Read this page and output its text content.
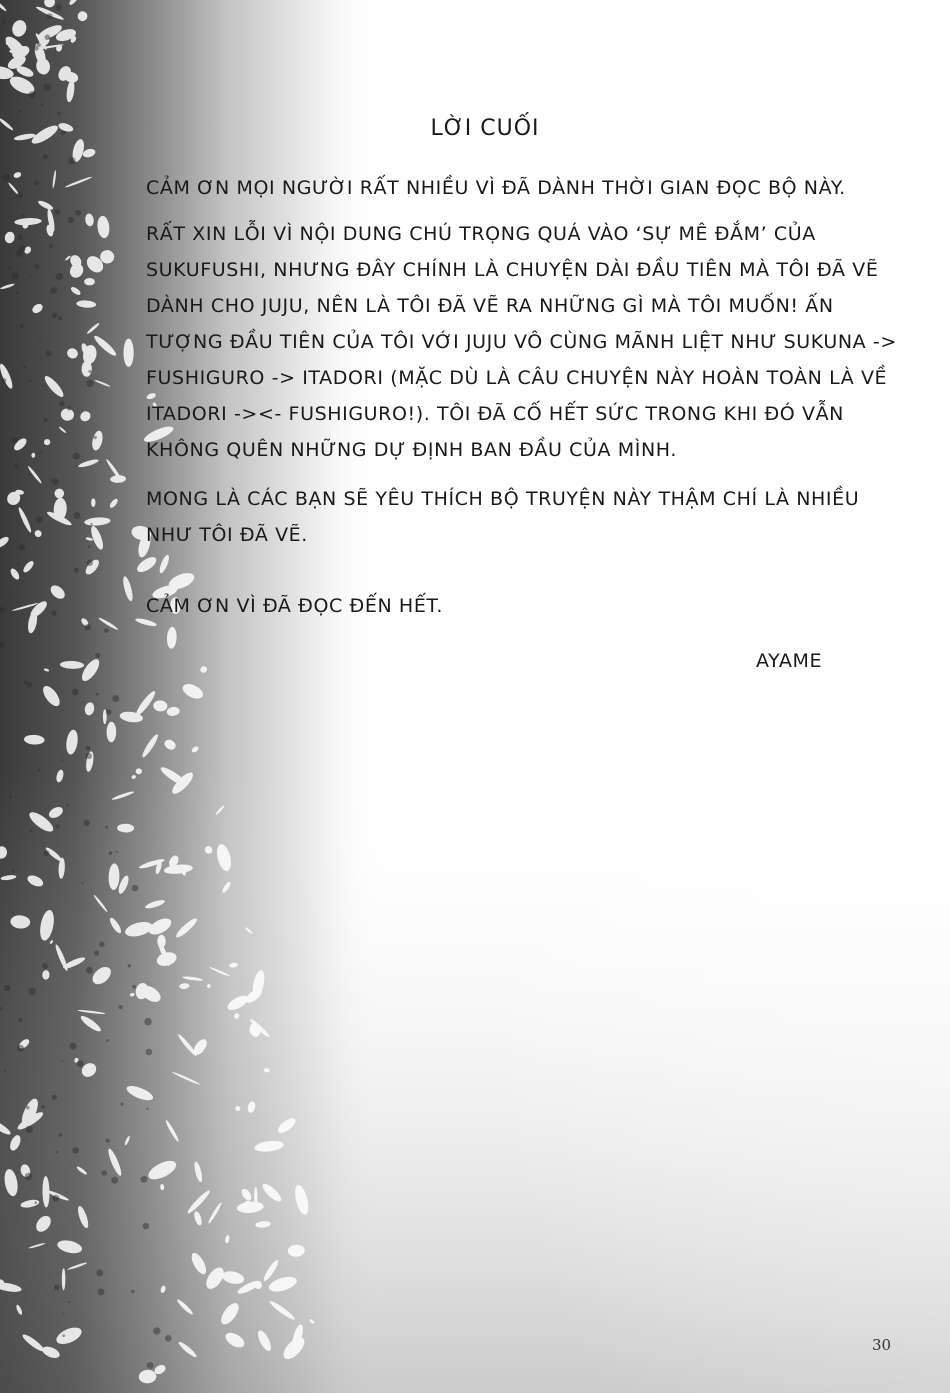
LỜI CUỐI
CẢM ƠN MỌI NGƯỜI RẤT NHIỀU VÌ ĐÃ DÀNH THỜI GIAN ĐỌC BỘ NÀY.
RẤT XIN LỖI VÌ NỘI DUNG CHÚ TRỌNG QUÁ VÀO ‘SỰ MÊ ĐẮM’ CỦA SUKUFUSHI, NHƯNG ĐÂY CHÍNH LÀ CHUYỆN DÀI ĐẦU TIÊN MÀ TÔI ĐÃ VẼ DÀNH CHO JUJU, NÊN LÀ TÔI ĐÃ VẼ RA NHỮNG GÌ MÀ TÔI MUỐN! ẤN TƯỢNG ĐẦU TIÊN CỦA TÔI VỚI JUJU VÔ CÙNG MÃNH LIỆT NHƯ SUKUNA -> FUSHIGURO -> ITADORI (MẶC DÙ LÀ CÂU CHUYỆN NÀY HOÀN TOÀN LÀ VỀ ITADORI -><- FUSHIGURO!). TÔI ĐÃ CỐ HẾT SỨC TRONG KHI ĐÓ VẪN KHÔNG QUÊN NHỮNG DỰ ĐỊNH BAN ĐẦU CỦA MÌNH.
MONG LÀ CÁC BẠN SẼ YÊU THÍCH BỘ TRUYỆN NÀY THẬM CHÍ LÀ NHIỀU NHƯ TÔI ĐÃ VẼ.
CẢM ƠN VÌ ĐÃ ĐỌC ĐẾN HẾT.
AYAME
30
